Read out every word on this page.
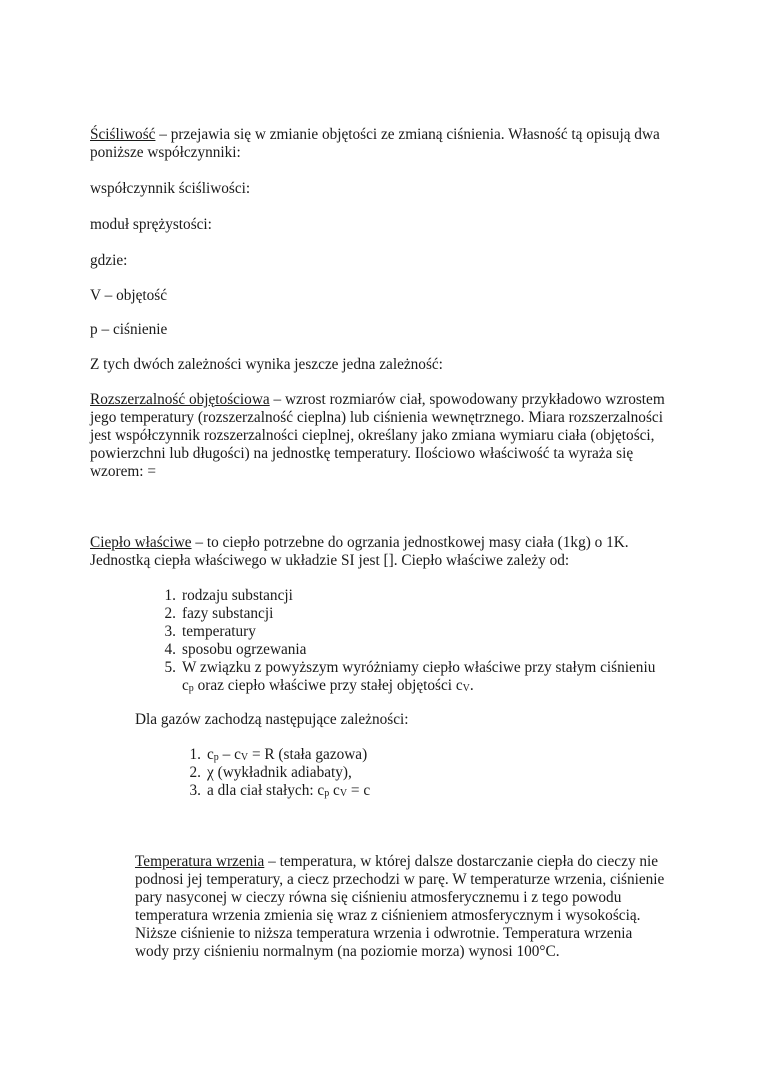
Ściśliwość – przejawia się w zmianie objętości ze zmianą ciśnienia. Własność tą opisują dwa
poniższe współczynniki:
współczynnik ściśliwości:
moduł sprężystości:
gdzie:
V – objętość
p – ciśnienie
Z tych dwóch zależności wynika jeszcze jedna zależność:
Rozszerzalność objętościowa – wzrost rozmiarów ciał, spowodowany przykładowo wzrostem
jego temperatury (rozszerzalność cieplna) lub ciśnienia wewnętrznego. Miara rozszerzalności
jest współczynnik rozszerzalności cieplnej, określany jako zmiana wymiaru ciała (objętości,
powierzchni lub długości) na jednostkę temperatury. Ilościowo właściwość ta wyraża się
wzorem: =
Ciepło właściwe – to ciepło potrzebne do ogrzania jednostkowej masy ciała (1kg) o 1K.
Jednostką ciepła właściwego w układzie SI jest []. Ciepło właściwe zależy od:
1. rodzaju substancji
2. fazy substancji
3. temperatury
4. sposobu ogrzewania
5. W związku z powyższym wyróżniamy ciepło właściwe przy stałym ciśnieniu
$c_p$ oraz ciepło właściwe przy stałej objętości $c_V$.
Dla gazów zachodzą następujące zależności:
1. $c_p - c_V = R$ (stała gazowa)
2. χ (wykładnik adiabaty),
3. a dla ciał stałych: $c_p$ $c_V = c$
Temperatura wrzenia – temperatura, w której dalsze dostarczanie ciepła do cieczy nie
podnosi jej temperatury, a ciecz przechodzi w parę. W temperaturze wrzenia, ciśnienie
pary nasyconej w cieczy równa się ciśnieniu atmosferycznemu i z tego powodu
temperatura wrzenia zmienia się wraz z ciśnieniem atmosferycznym i wysokością.
Niższe ciśnienie to niższa temperatura wrzenia i odwrotnie. Temperatura wrzenia
wody przy ciśnieniu normalnym (na poziomie morza) wynosi 100°C.
